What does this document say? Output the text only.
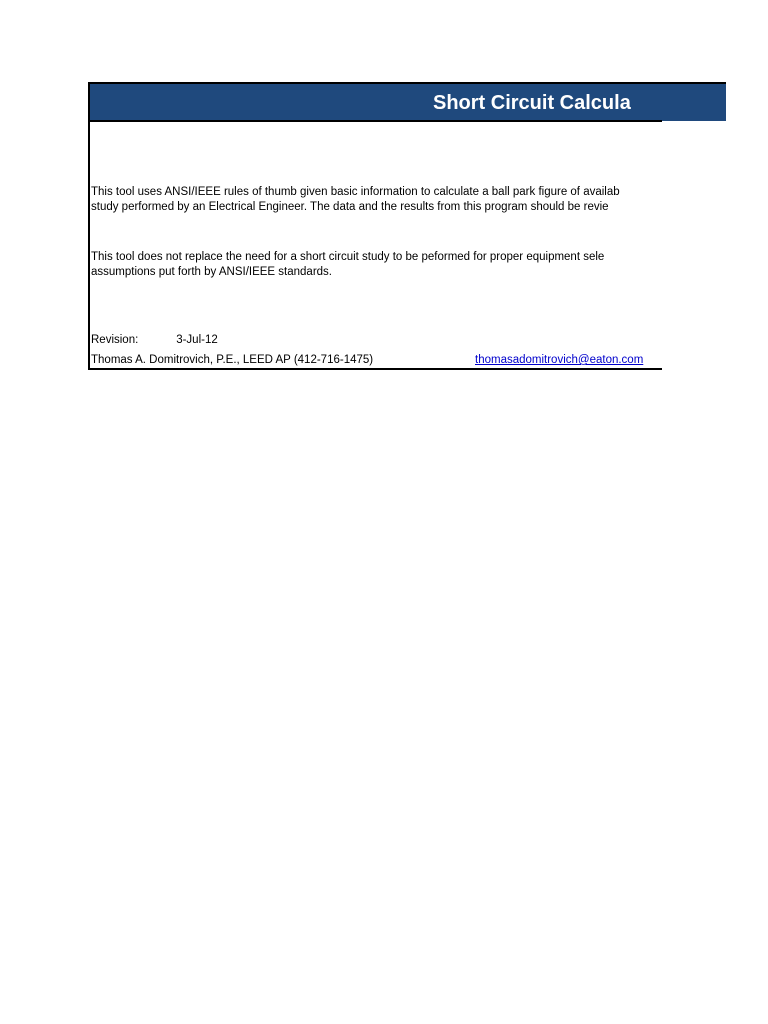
Short Circuit Calcula
This tool uses ANSI/IEEE rules of thumb given basic information to calculate a ball park figure of availab
study performed by an Electrical Engineer. The data and the results from this program should be revie
This tool does not replace the need for a short circuit study to be peformed for proper equipment sele
assumptions put forth by ANSI/IEEE standards.
Revision:	3-Jul-12
Thomas A. Domitrovich, P.E., LEED AP (412-716-1475)	thomasadomitrovich@eaton.com
